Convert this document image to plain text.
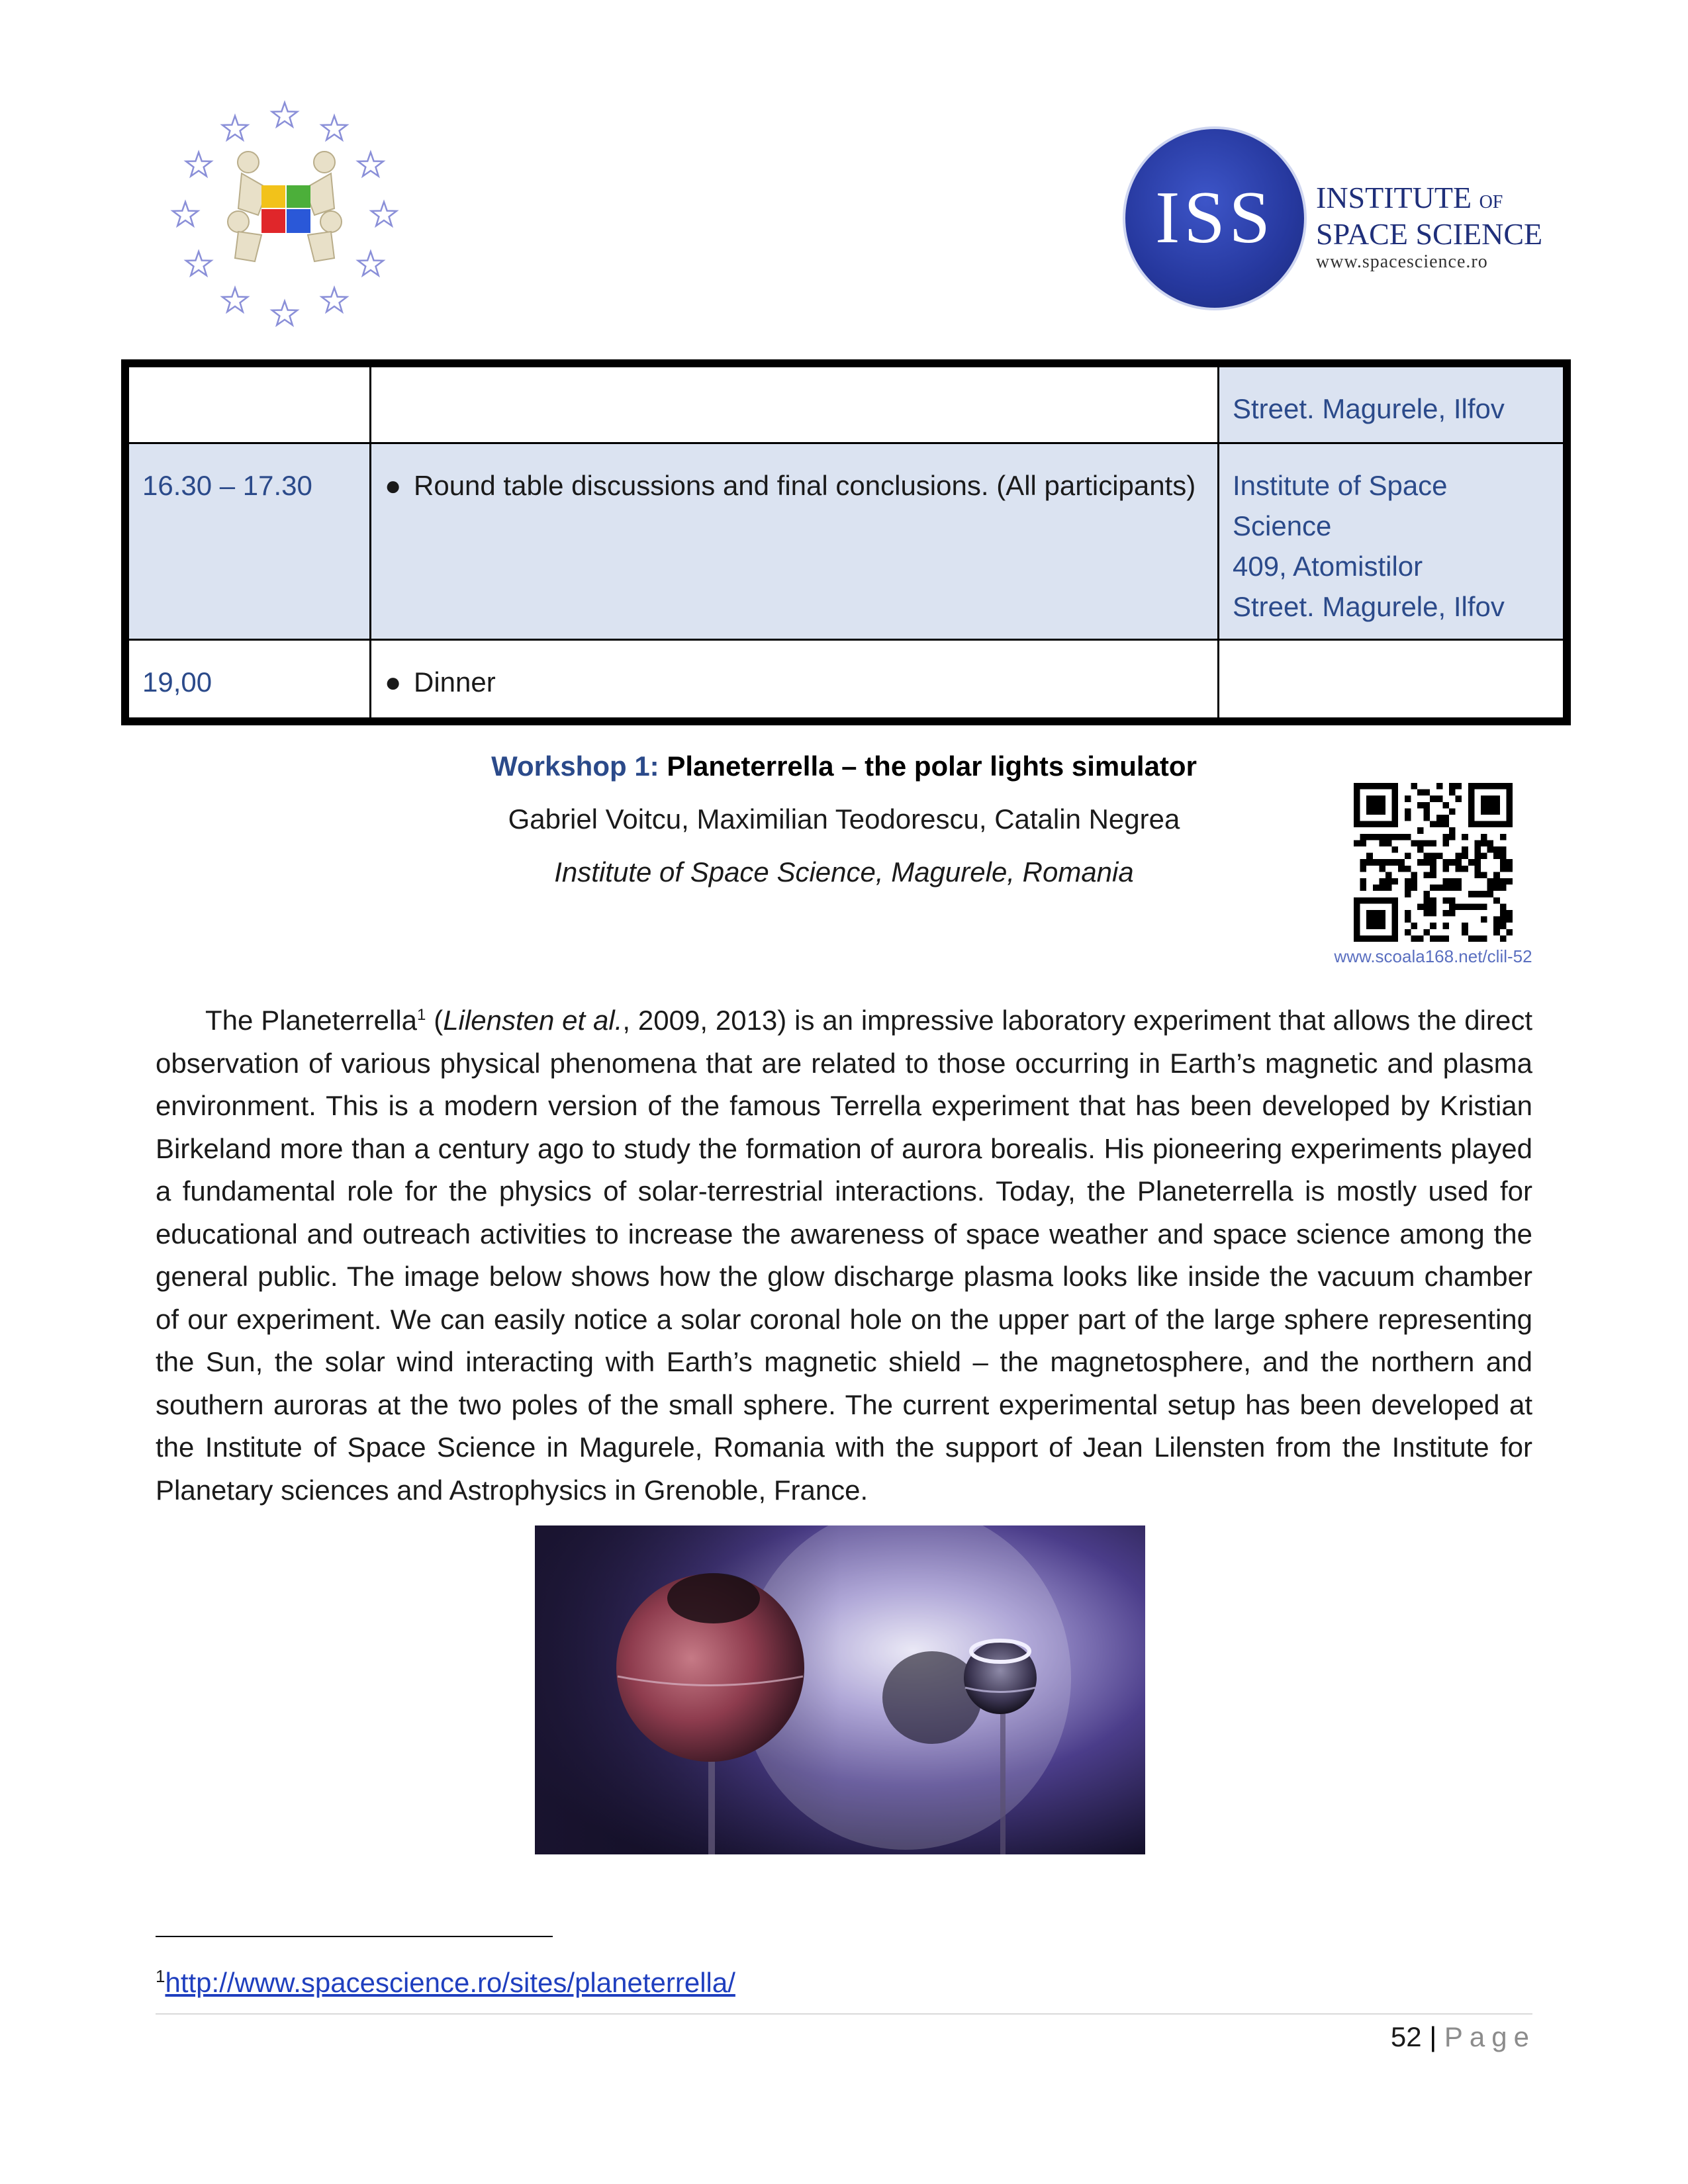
ISS	INSTITUTE OF
SPACE SCIENCE
www.spacescience.ro
		Street. Magurele, Ilfov
16.30 – 17.30	● Round table discussions and final conclusions. (All participants)	Institute of Space
Science
409, Atomistilor
Street. Magurele, Ilfov

19,00	● Dinner	
Workshop 1: Planeterrella – the polar lights simulator
Gabriel Voitcu, Maximilian Teodorescu, Catalin Negrea
Institute of Space Science, Magurele, Romania
www.scoala168.net/clil-52

The Planeterrella$^1$ (Lilensten et al., 2009, 2013) is an impressive laboratory experiment that allows the direct observation of various physical phenomena that are related to those occurring in Earth’s magnetic and plasma environment. This is a modern version of the famous Terrella experiment that has been developed by Kristian Birkeland more than a century ago to study the formation of aurora borealis. His pioneering experiments played a fundamental role for the physics of solar-terrestrial interactions. Today, the Planeterrella is mostly used for educational and outreach activities to increase the awareness of space weather and space science among the general public. The image below shows how the glow discharge plasma looks like inside the vacuum chamber of our experiment. We can easily notice a solar coronal hole on the upper part of the large sphere representing the Sun, the solar wind interacting with Earth’s magnetic shield – the magnetosphere, and the northern and southern auroras at the two poles of the small sphere. The current experimental setup has been developed at the Institute of Space Science in Magurele, Romania with the support of Jean Lilensten from the Institute for Planetary sciences and Astrophysics in Grenoble, France.

$^1$http://www.spacescience.ro/sites/planeterrella/
52 | Page
